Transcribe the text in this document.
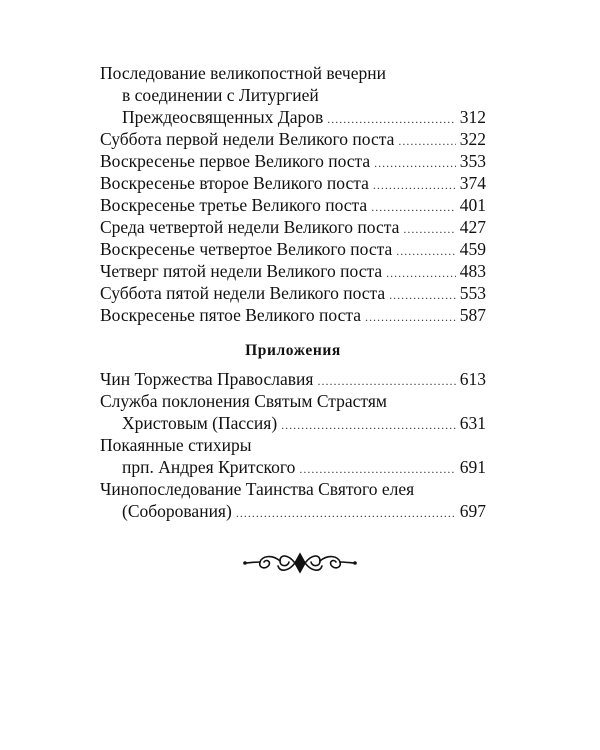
Последование великопостной вечерни
в соединении с Литургией
Преждеосвященных Даров .....	312
Суббота первой недели Великого поста .....	322
Воскресенье первое Великого поста .....	353
Воскресенье второе Великого поста .....	374
Воскресенье третье Великого поста .....	401
Среда четвертой недели Великого поста .....	427
Воскресенье четвертое Великого поста .....	459
Четверг пятой недели Великого поста .....	483
Суббота пятой недели Великого поста .....	553
Воскресенье пятое Великого поста .....	587
Приложения
Чин Торжества Православия .....	613
Служба поклонения Святым Страстям
Христовым (Пассия) .....	631
Покаянные стихиры
прп. Андрея Критского .....	691
Чинопоследование Таинства Святого елея
(Соборования) .....	697
